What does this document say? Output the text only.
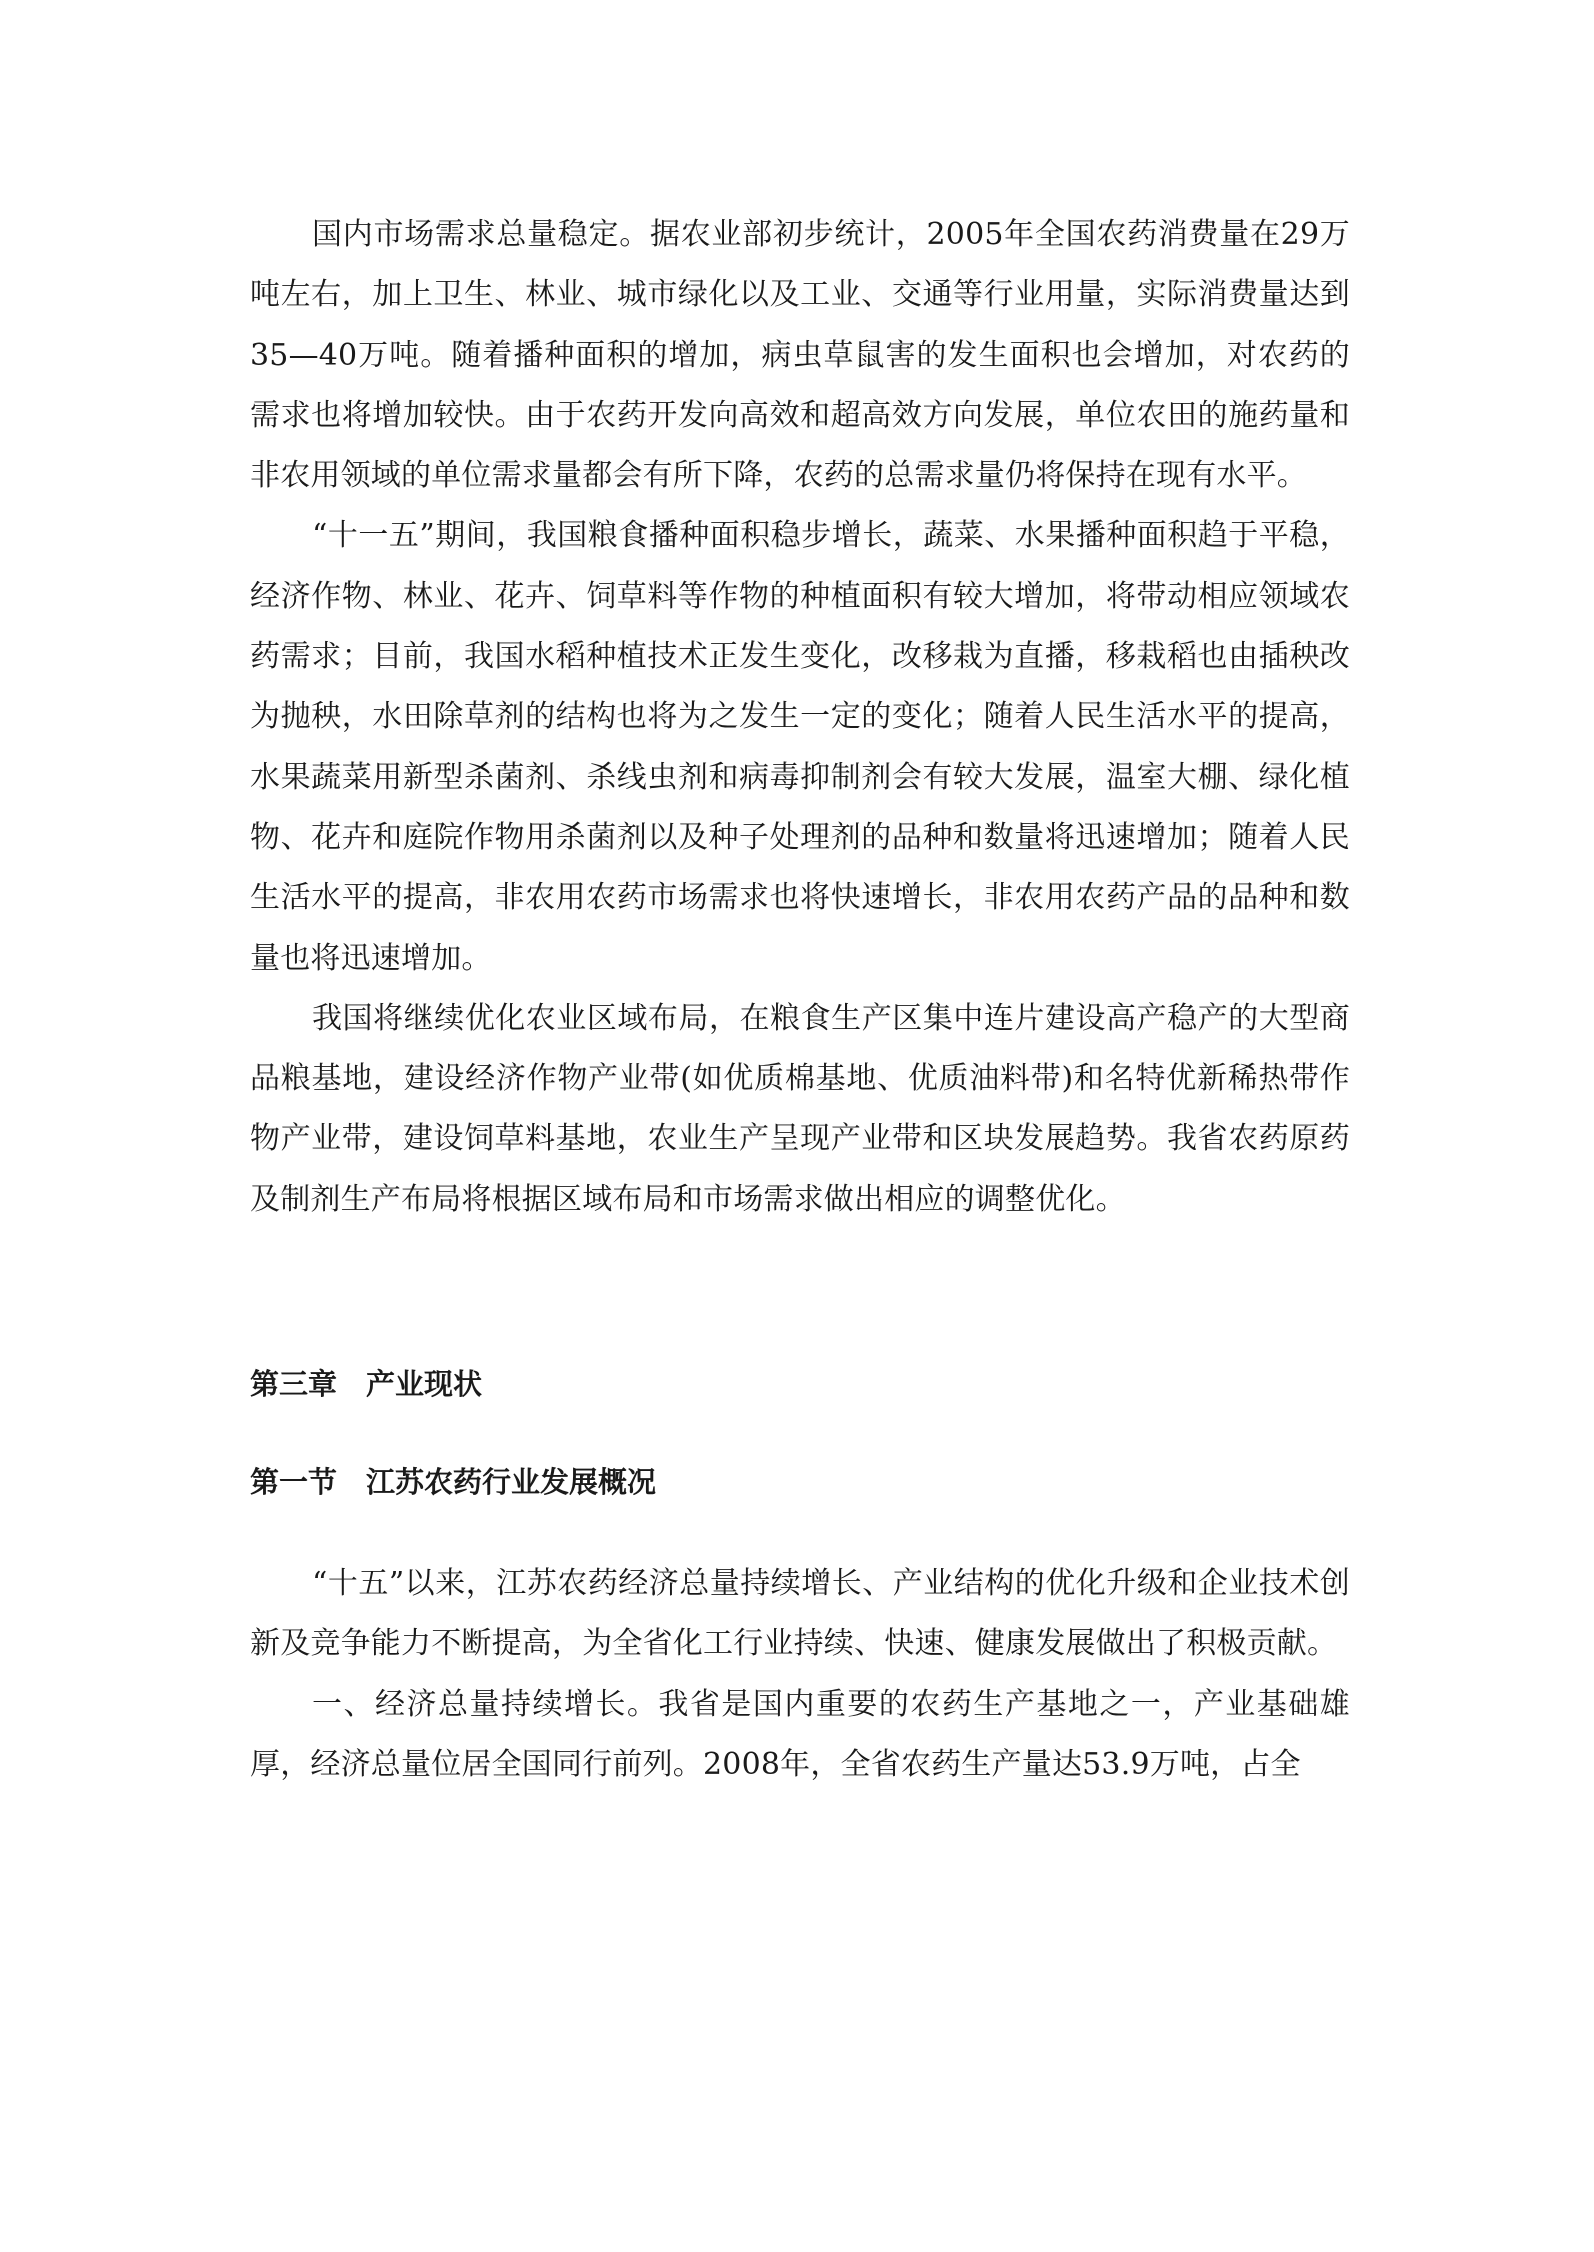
国内市场需求总量稳定。据农业部初步统计，2005年全国农药消费量在29万吨左右，加上卫生、林业、城市绿化以及工业、交通等行业用量，实际消费量达到35—40万吨。随着播种面积的增加，病虫草鼠害的发生面积也会增加，对农药的需求也将增加较快。由于农药开发向高效和超高效方向发展，单位农田的施药量和非农用领域的单位需求量都会有所下降，农药的总需求量仍将保持在现有水平。

“十一五”期间，我国粮食播种面积稳步增长，蔬菜、水果播种面积趋于平稳，经济作物、林业、花卉、饲草料等作物的种植面积有较大增加，将带动相应领域农药需求；目前，我国水稻种植技术正发生变化，改移栽为直播，移栽稻也由插秧改为抛秧，水田除草剂的结构也将为之发生一定的变化；随着人民生活水平的提高，水果蔬菜用新型杀菌剂、杀线虫剂和病毒抑制剂会有较大发展，温室大棚、绿化植物、花卉和庭院作物用杀菌剂以及种子处理剂的品种和数量将迅速增加；随着人民生活水平的提高，非农用农药市场需求也将快速增长，非农用农药产品的品种和数量也将迅速增加。

我国将继续优化农业区域布局，在粮食生产区集中连片建设高产稳产的大型商品粮基地，建设经济作物产业带(如优质棉基地、优质油料带)和名特优新稀热带作物产业带，建设饲草料基地，农业生产呈现产业带和区块发展趋势。我省农药原药及制剂生产布局将根据区域布局和市场需求做出相应的调整优化。

第三章　产业现状
第一节　江苏农药行业发展概况

“十五”以来，江苏农药经济总量持续增长、产业结构的优化升级和企业技术创新及竞争能力不断提高，为全省化工行业持续、快速、健康发展做出了积极贡献。

一、经济总量持续增长。我省是国内重要的农药生产基地之一，产业基础雄厚，经济总量位居全国同行前列。2008年，全省农药生产量达53.9万吨，占全
